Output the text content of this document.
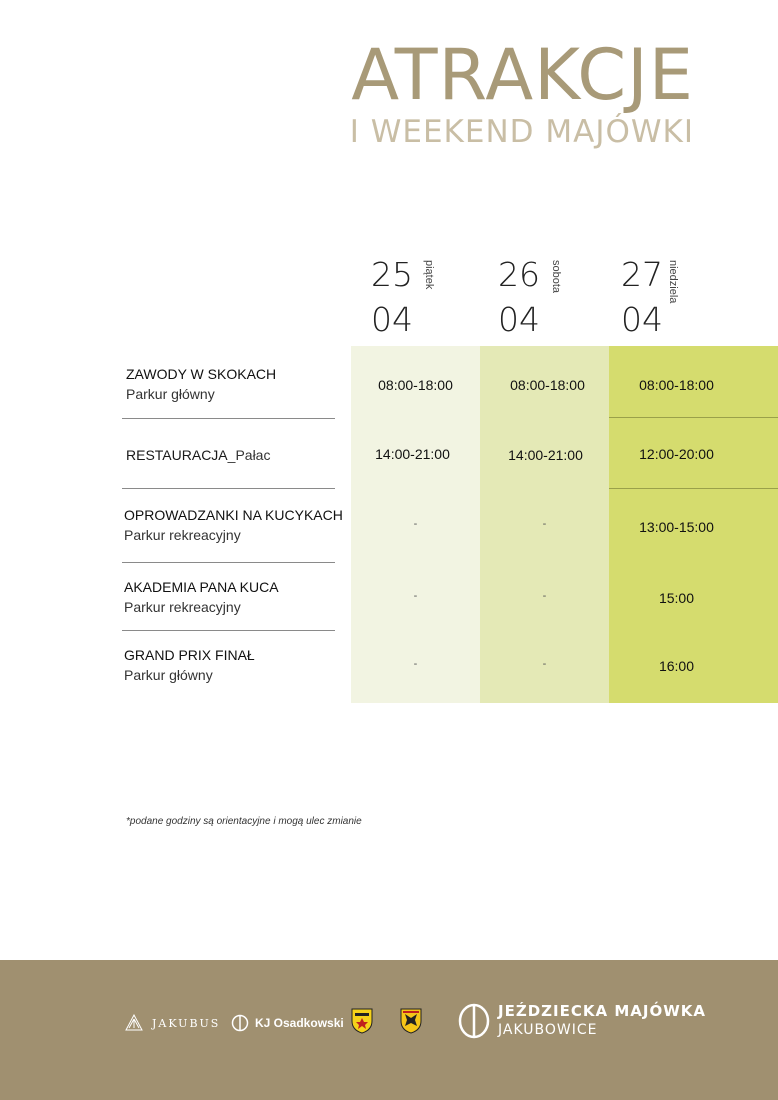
ATRAKCJE
I WEEKEND MAJÓWKI
25
04
piątek 26
04
sobota 27
04
niedziela
ZAWODY W SKOKACH
Parkur główny
08:00-18:00	08:00-18:00	08:00-18:00
RESTAURACJA_Pałac	14:00-21:00	14:00-21:00	12:00-20:00
OPROWADZANKI NA KUCYKACH
Parkur rekreacyjny
-	-	13:00-15:00
AKADEMIA PANA KUCA
Parkur rekreacyjny
-	-	15:00
GRAND PRIX FINAŁ
Parkur główny
-	-	16:00
*podane godziny są orientacyjne i mogą ulec zmianie
JAKUBUS	KJ Osadkowski
JEŹDZIECKA MAJÓWKA
JAKUBOWICE
